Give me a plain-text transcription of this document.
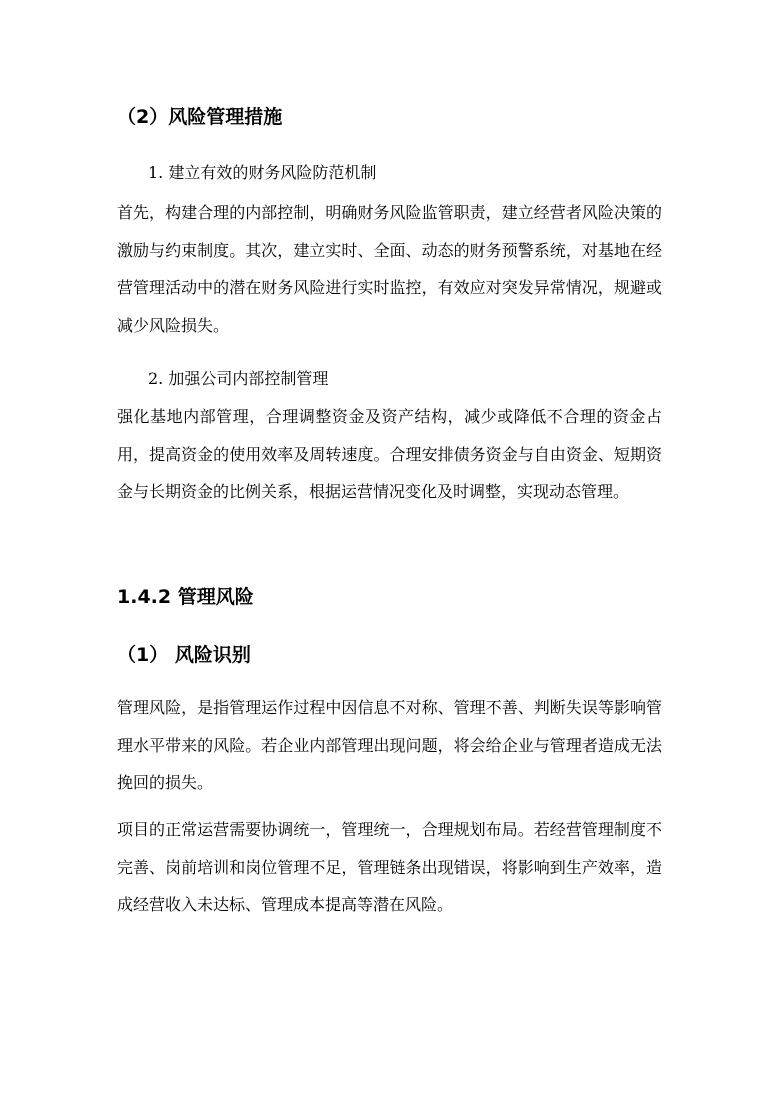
（2）风险管理措施
1. 建立有效的财务风险防范机制
首先，构建合理的内部控制，明确财务风险监管职责，建立经营者风险决策的激励与约束制度。其次，建立实时、全面、动态的财务预警系统，对基地在经营管理活动中的潜在财务风险进行实时监控，有效应对突发异常情况，规避或减少风险损失。
2. 加强公司内部控制管理
强化基地内部管理，合理调整资金及资产结构，减少或降低不合理的资金占用，提高资金的使用效率及周转速度。合理安排债务资金与自由资金、短期资金与长期资金的比例关系，根据运营情况变化及时调整，实现动态管理。
1.4.2 管理风险
（1） 风险识别
管理风险，是指管理运作过程中因信息不对称、管理不善、判断失误等影响管理水平带来的风险。若企业内部管理出现问题，将会给企业与管理者造成无法挽回的损失。
项目的正常运营需要协调统一，管理统一，合理规划布局。若经营管理制度不完善、岗前培训和岗位管理不足，管理链条出现错误，将影响到生产效率，造成经营收入未达标、管理成本提高等潜在风险。
